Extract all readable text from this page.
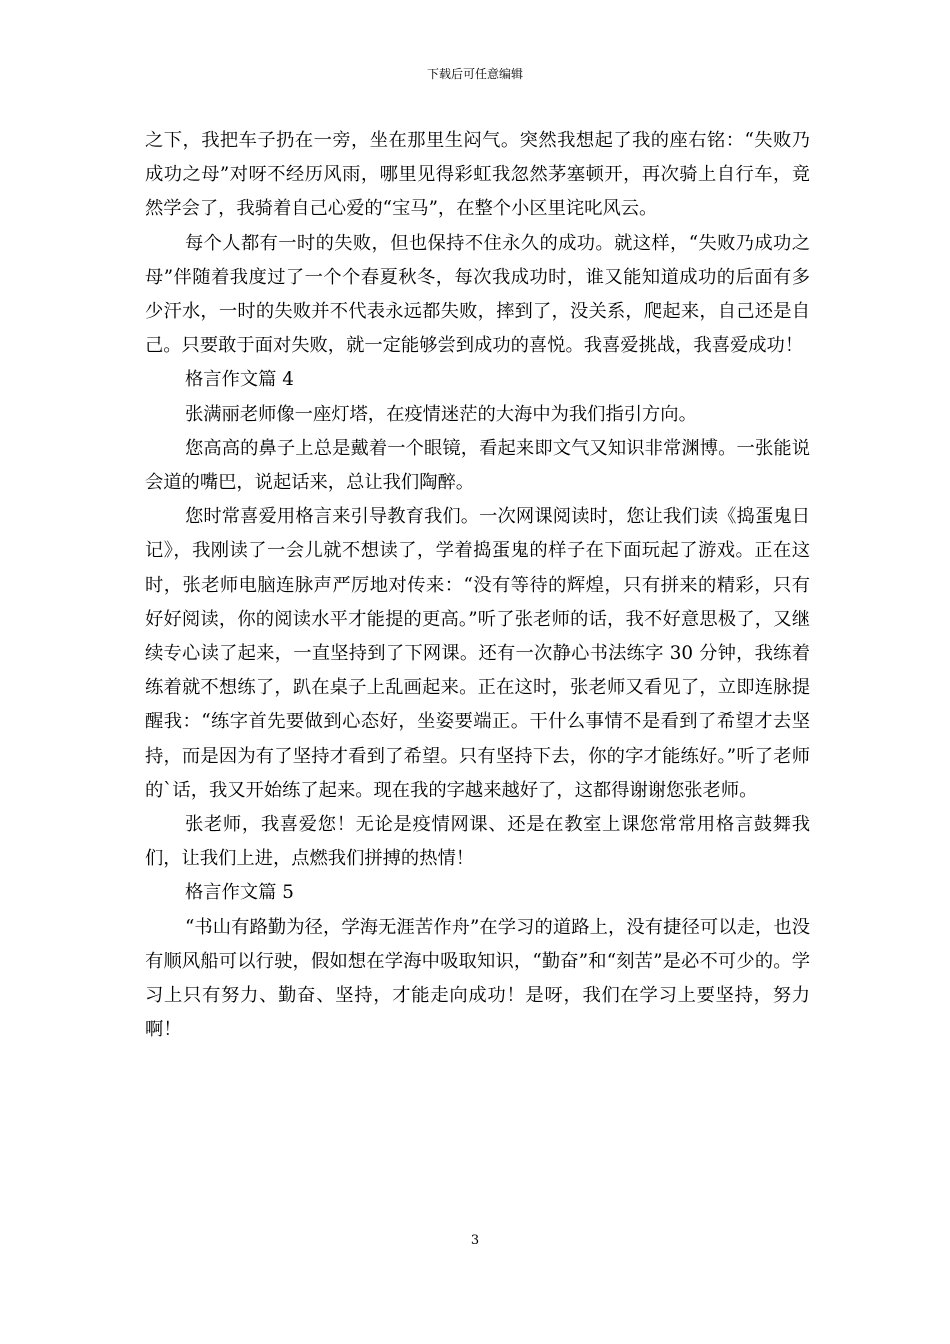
下载后可任意编辑

之下，我把车子扔在一旁，坐在那里生闷气。突然我想起了我的座右铭：“失败乃成功之母”对呀不经历风雨，哪里见得彩虹我忽然茅塞顿开，再次骑上自行车，竟然学会了，我骑着自己心爱的“宝马”，在整个小区里诧叱风云。

每个人都有一时的失败，但也保持不住永久的成功。就这样，“失败乃成功之母”伴随着我度过了一个个春夏秋冬，每次我成功时，谁又能知道成功的后面有多少汗水，一时的失败并不代表永远都失败，摔到了，没关系，爬起来，自己还是自己。只要敢于面对失败，就一定能够尝到成功的喜悦。我喜爱挑战，我喜爱成功！

格言作文篇 4

张满丽老师像一座灯塔，在疫情迷茫的大海中为我们指引方向。

您高高的鼻子上总是戴着一个眼镜，看起来即文气又知识非常渊博。一张能说会道的嘴巴，说起话来，总让我们陶醉。

您时常喜爱用格言来引导教育我们。一次网课阅读时，您让我们读《捣蛋鬼日记》，我刚读了一会儿就不想读了，学着捣蛋鬼的样子在下面玩起了游戏。正在这时，张老师电脑连脉声严厉地对传来：“没有等待的辉煌，只有拼来的精彩，只有好好阅读，你的阅读水平才能提的更高。”听了张老师的话，我不好意思极了，又继续专心读了起来，一直坚持到了下网课。还有一次静心书法练字 30 分钟，我练着练着就不想练了，趴在桌子上乱画起来。正在这时，张老师又看见了，立即连脉提醒我：“练字首先要做到心态好，坐姿要端正。干什么事情不是看到了希望才去坚持，而是因为有了坚持才看到了希望。只有坚持下去，你的字才能练好。”听了老师的`话，我又开始练了起来。现在我的字越来越好了，这都得谢谢您张老师。

张老师，我喜爱您！无论是疫情网课、还是在教室上课您常常用格言鼓舞我们，让我们上进，点燃我们拼搏的热情！

格言作文篇 5

“书山有路勤为径，学海无涯苦作舟”在学习的道路上，没有捷径可以走，也没有顺风船可以行驶，假如想在学海中吸取知识，“勤奋”和“刻苦”是必不可少的。学习上只有努力、勤奋、坚持，才能走向成功！是呀，我们在学习上要坚持，努力啊！

3
